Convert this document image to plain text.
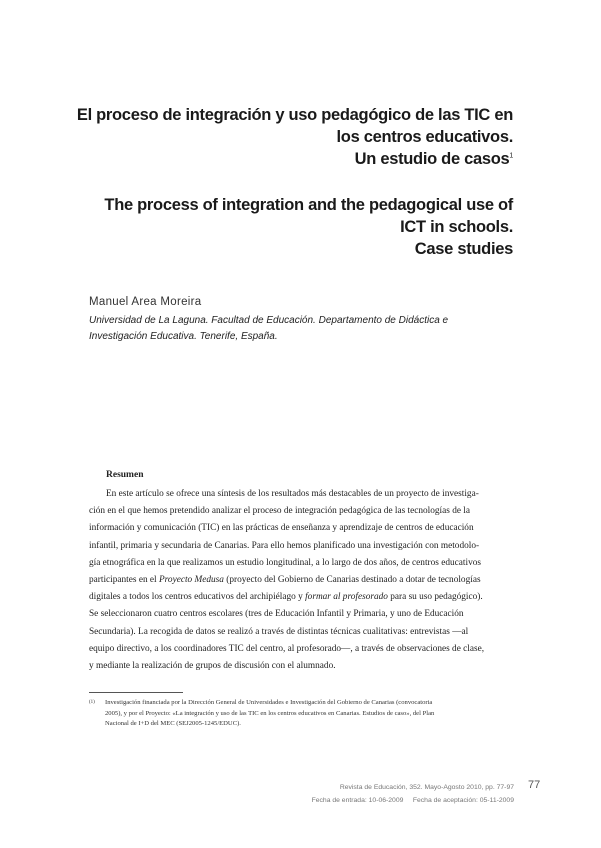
El proceso de integración y uso pedagógico de las TIC en
los centros educativos.
Un estudio de casos$^1$
The process of integration and the pedagogical use of
ICT in schools.
Case studies
Manuel Area Moreira
Universidad de La Laguna. Facultad de Educación. Departamento de Didáctica e
Investigación Educativa. Tenerife, España.
Resumen
En este artículo se ofrece una síntesis de los resultados más destacables de un proyecto de investiga-
ción en el que hemos pretendido analizar el proceso de integración pedagógica de las tecnologías de la
información y comunicación (TIC) en las prácticas de enseñanza y aprendizaje de centros de educación
infantil, primaria y secundaria de Canarias. Para ello hemos planificado una investigación con metodolo-
gía etnográfica en la que realizamos un estudio longitudinal, a lo largo de dos años, de centros educativos
participantes en el Proyecto Medusa (proyecto del Gobierno de Canarias destinado a dotar de tecnologías
digitales a todos los centros educativos del archipiélago y formar al profesorado para su uso pedagógico).
Se seleccionaron cuatro centros escolares (tres de Educación Infantil y Primaria, y uno de Educación
Secundaria). La recogida de datos se realizó a través de distintas técnicas cualitativas: entrevistas —al
equipo directivo, a los coordinadores TIC del centro, al profesorado—, a través de observaciones de clase,
y mediante la realización de grupos de discusión con el alumnado.
(1) Investigación financiada por la Dirección General de Universidades e Investigación del Gobierno de Canarias (convocatoria
2005), y por el Proyecto: «La integración y uso de las TIC en los centros educativos en Canarias. Estudios de caso», del Plan
Nacional de I+D del MEC (SEJ2005-1245/EDUC).
Revista de Educación, 352. Mayo-Agosto 2010, pp. 77-97
Fecha de entrada: 10-06-2009     Fecha de aceptación: 05-11-2009
77
